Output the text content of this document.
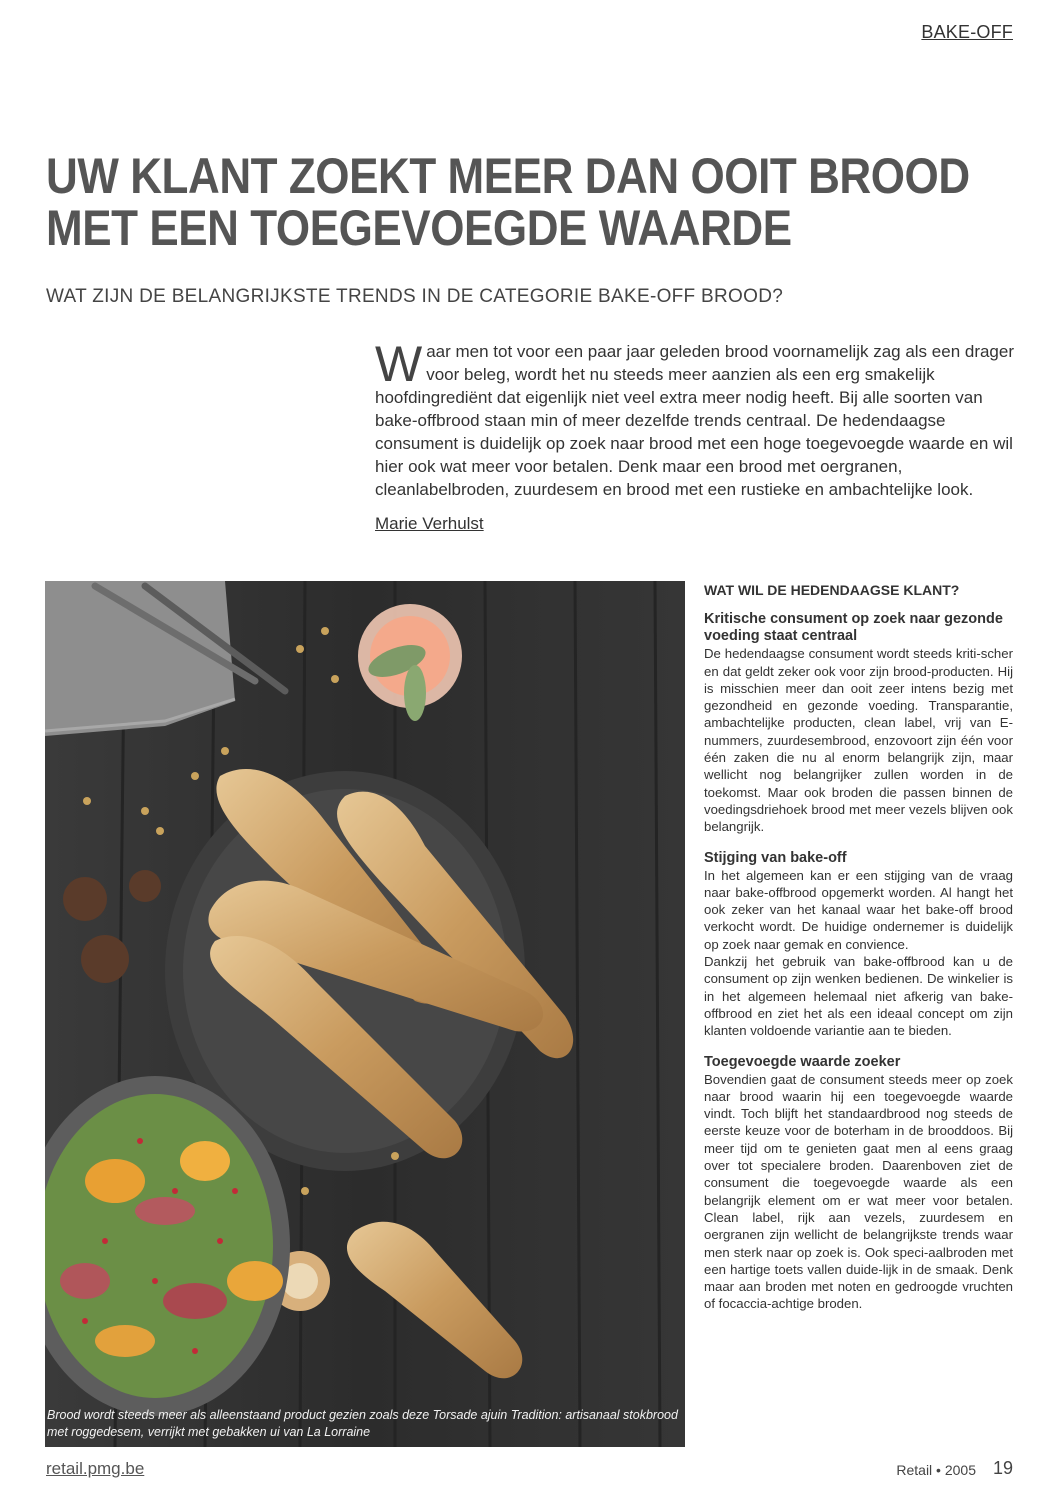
BAKE-OFF
UW KLANT ZOEKT MEER DAN OOIT BROOD
MET EEN TOEGEVOEGDE WAARDE
WAT ZIJN DE BELANGRIJKSTE TRENDS IN DE CATEGORIE BAKE-OFF BROOD?
Waar men tot voor een paar jaar geleden brood voornamelijk zag als een drager voor beleg, wordt het nu steeds meer aanzien als een erg smakelijk hoofdingrediënt dat eigenlijk niet veel extra meer nodig heeft. Bij alle soorten van bake-offbrood staan min of meer dezelfde trends centraal. De hedendaagse consument is duidelijk op zoek naar brood met een hoge toegevoegde waarde en wil hier ook wat meer voor betalen. Denk maar een brood met oergranen, cleanlabelbroden, zuurdesem en brood met een rustieke en ambachtelijke look.
Marie Verhulst
Brood wordt steeds meer als alleenstaand product gezien zoals deze Torsade ajuin Tradition: artisanaal stokbrood met roggedesem, verrijkt met gebakken ui van La Lorraine
WAT WIL DE HEDENDAAGSE KLANT?
Kritische consument op zoek naar gezonde voeding staat centraal

De hedendaagse consument wordt steeds kriti-scher en dat geldt zeker ook voor zijn brood-producten. Hij is misschien meer dan ooit zeer intens bezig met gezondheid en gezonde voeding. Transparantie, ambachtelijke producten, clean label, vrij van E-nummers, zuurdesembrood, enzovoort zijn één voor één zaken die nu al enorm belangrijk zijn, maar wellicht nog belangrijker zullen worden in de toekomst. Maar ook broden die passen binnen de voedingsdriehoek brood met meer vezels blijven ook belangrijk.

Stijging van bake-off

In het algemeen kan er een stijging van de vraag naar bake-offbrood opgemerkt worden. Al hangt het ook zeker van het kanaal waar het bake-off brood verkocht wordt. De huidige ondernemer is duidelijk op zoek naar gemak en convience.

Dankzij het gebruik van bake-offbrood kan u de consument op zijn wenken bedienen. De winkelier is in het algemeen helemaal niet afkerig van bake-offbrood en ziet het als een ideaal concept om zijn klanten voldoende variantie aan te bieden.

Toegevoegde waarde zoeker

Bovendien gaat de consument steeds meer op zoek naar brood waarin hij een toegevoegde waarde vindt. Toch blijft het standaardbrood nog steeds de eerste keuze voor de boterham in de brooddoos. Bij meer tijd om te genieten gaat men al eens graag over tot specialere broden. Daarenboven ziet de consument die toegevoegde waarde als een belangrijk element om er wat meer voor betalen. Clean label, rijk aan vezels, zuurdesem en oergranen zijn wellicht de belangrijkste trends waar men sterk naar op zoek is. Ook speci-aalbroden met een hartige toets vallen duide-lijk in de smaak. Denk maar aan broden met noten en gedroogde vruchten of focaccia-achtige broden.

retail.pmg.be	Retail • 2005 19
